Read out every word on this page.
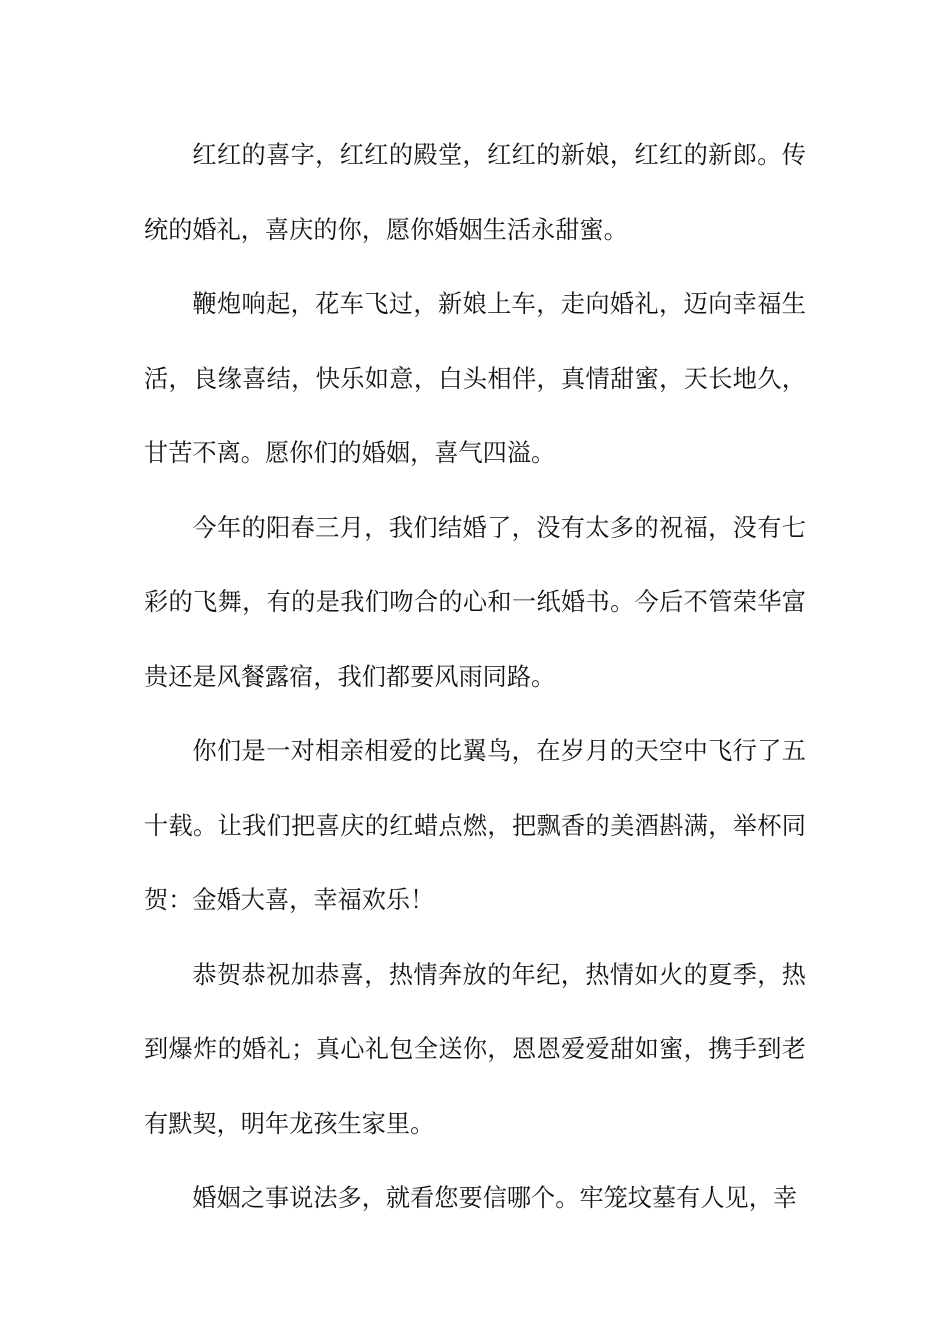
红红的喜字，红红的殿堂，红红的新娘，红红的新郎。传统的婚礼，喜庆的你，愿你婚姻生活永甜蜜。

鞭炮响起，花车飞过，新娘上车，走向婚礼，迈向幸福生活，良缘喜结，快乐如意，白头相伴，真情甜蜜，天长地久，甘苦不离。愿你们的婚姻，喜气四溢。

今年的阳春三月，我们结婚了，没有太多的祝福，没有七彩的飞舞，有的是我们吻合的心和一纸婚书。今后不管荣华富贵还是风餐露宿，我们都要风雨同路。

你们是一对相亲相爱的比翼鸟，在岁月的天空中飞行了五十载。让我们把喜庆的红蜡点燃，把飘香的美酒斟满，举杯同贺：金婚大喜，幸福欢乐！

恭贺恭祝加恭喜，热情奔放的年纪，热情如火的夏季，热到爆炸的婚礼；真心礼包全送你，恩恩爱爱甜如蜜，携手到老有默契，明年龙孩生家里。

婚姻之事说法多，就看您要信哪个。牢笼坟墓有人见，幸
